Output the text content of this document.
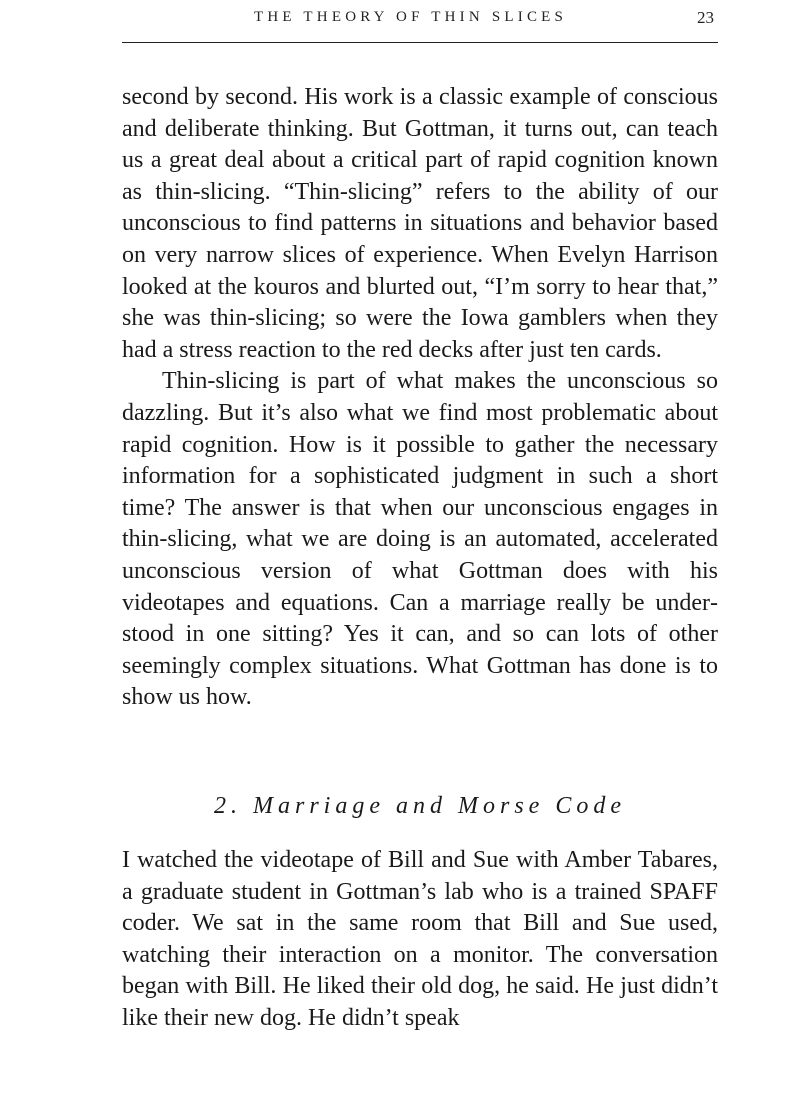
THE THEORY OF THIN SLICES	23

second by second. His work is a classic example of conscious and deliberate thinking. But Gottman, it turns out, can teach us a great deal about a critical part of rapid cognition known as thin-slicing. “Thin-slicing” refers to the ability of our unconscious to find patterns in situations and behavior based on very narrow slices of experience. When Evelyn Harrison looked at the kouros and blurted out, “I’m sorry to hear that,” she was thin-slicing; so were the Iowa gamblers when they had a stress reaction to the red decks after just ten cards.

Thin-slicing is part of what makes the unconscious so dazzling. But it’s also what we find most problematic about rapid cognition. How is it possible to gather the necessary information for a sophisticated judgment in such a short time? The answer is that when our unconscious engages in thin-slicing, what we are doing is an automated, accelerated unconscious version of what Gottman does with his videotapes and equations. Can a marriage really be understood in one sitting? Yes it can, and so can lots of other seemingly complex situations. What Gottman has done is to show us how.

2. Marriage and Morse Code

I watched the videotape of Bill and Sue with Amber Tabares, a graduate student in Gottman’s lab who is a trained SPAFF coder. We sat in the same room that Bill and Sue used, watching their interaction on a monitor. The conversation began with Bill. He liked their old dog, he said. He just didn’t like their new dog. He didn’t speak
